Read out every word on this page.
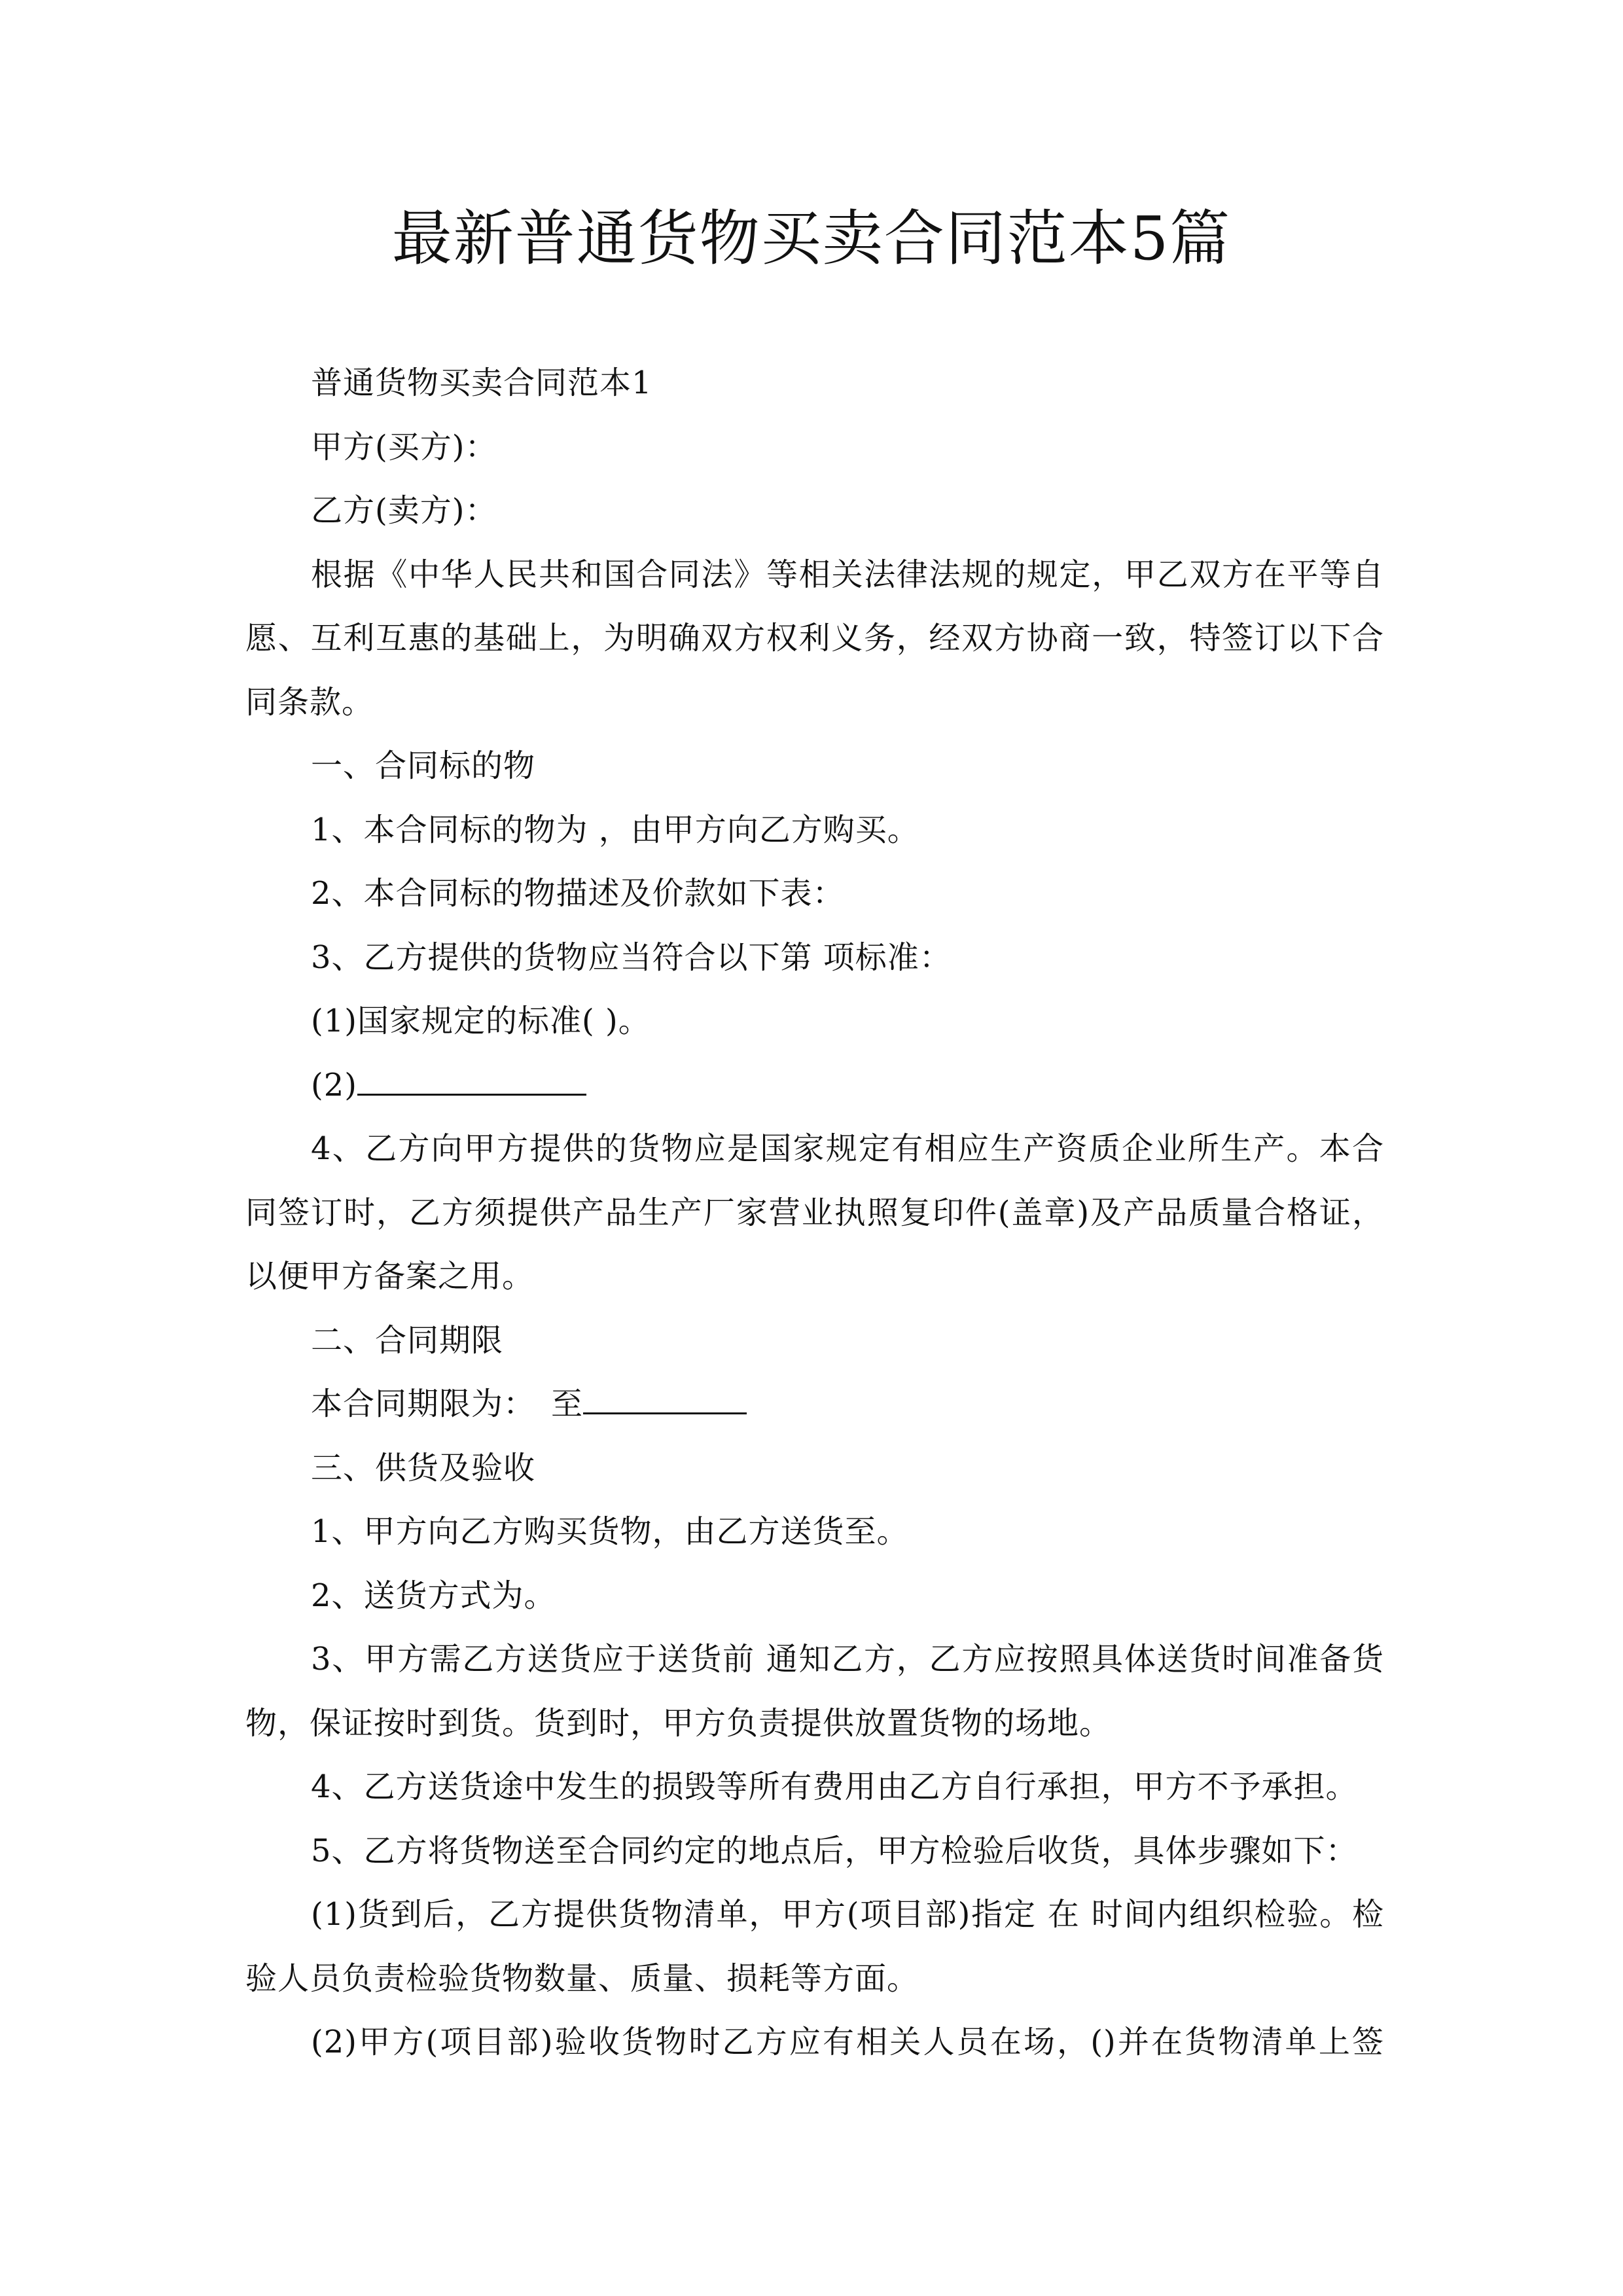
最新普通货物买卖合同范本5篇

普通货物买卖合同范本1

甲方(买方)：

乙方(卖方)：

根据《中华人民共和国合同法》等相关法律法规的规定，甲乙双方在平等自

愿、互利互惠的基础上，为明确双方权利义务，经双方协商一致，特签订以下合

同条款。

一、合同标的物

1、本合同标的物为 ，由甲方向乙方购买。

2、本合同标的物描述及价款如下表：

3、乙方提供的货物应当符合以下第 项标准：

(1)国家规定的标准( )。

(2)

4、乙方向甲方提供的货物应是国家规定有相应生产资质企业所生产。本合

同签订时，乙方须提供产品生产厂家营业执照复印件(盖章)及产品质量合格证，

以便甲方备案之用。

二、合同期限

本合同期限为： 至

三、供货及验收

1、甲方向乙方购买货物，由乙方送货至。

2、送货方式为。

3、甲方需乙方送货应于送货前 通知乙方，乙方应按照具体送货时间准备货

物，保证按时到货。货到时，甲方负责提供放置货物的场地。

4、乙方送货途中发生的损毁等所有费用由乙方自行承担，甲方不予承担。

5、乙方将货物送至合同约定的地点后，甲方检验后收货，具体步骤如下：

(1)货到后，乙方提供货物清单，甲方(项目部)指定 在 时间内组织检验。检

验人员负责检验货物数量、质量、损耗等方面。

(2)甲方(项目部)验收货物时乙方应有相关人员在场，()并在货物清单上签
